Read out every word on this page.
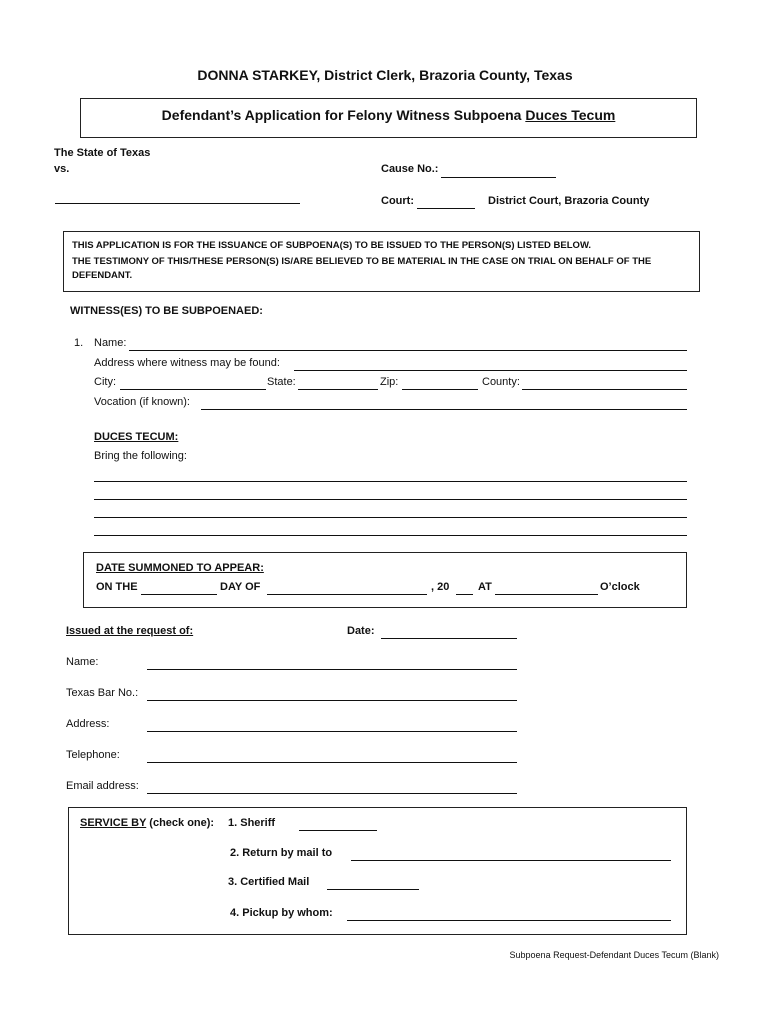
DONNA STARKEY, District Clerk, Brazoria County, Texas
Defendant’s Application for Felony Witness Subpoena Duces Tecum
The State of Texas
vs.	Cause No.:
Court:	District Court, Brazoria County
THIS APPLICATION IS FOR THE ISSUANCE OF SUBPOENA(S) TO BE ISSUED TO THE PERSON(S) LISTED BELOW.
THE TESTIMONY OF THIS/THESE PERSON(S) IS/ARE BELIEVED TO BE MATERIAL IN THE CASE ON TRIAL ON BEHALF OF THE
DEFENDANT.
WITNESS(ES) TO BE SUBPOENAED:
1. Name:
Address where witness may be found:
City:	State:	Zip:	County:
Vocation (if known):
DUCES TECUM:
Bring the following:
DATE SUMMONED TO APPEAR:
ON THE	DAY OF	, 20	AT	O’clock
Issued at the request of:	Date:
Name:
Texas Bar No.:
Address:
Telephone:
Email address:
SERVICE BY (check one): 1. Sheriff
2. Return by mail to
3. Certified Mail
4. Pickup by whom:
Subpoena Request-Defendant Duces Tecum (Blank)
